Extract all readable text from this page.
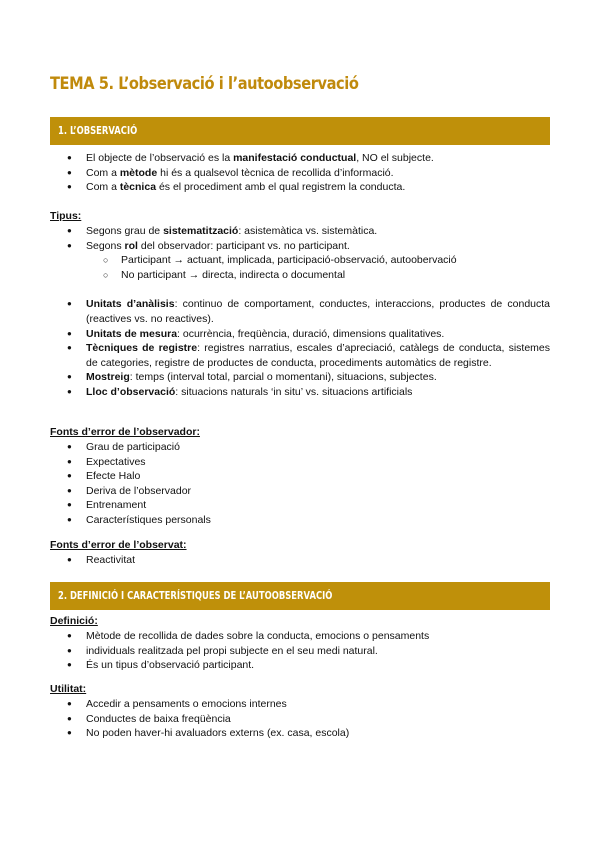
TEMA 5. L’observació i l’autoobservació
1. L’OBSERVACIÓ
● El objecte de l’observació es la manifestació conductual, NO el subjecte.
● Com a mètode hi és a qualsevol tècnica de recollida d’informació.
● Com a tècnica és el procediment amb el qual registrem la conducta.

Tipus:

● Segons grau de sistematització: asistemàtica vs. sistemàtica.
● Segons rol del observador: participant vs. no participant.
○ Participant → actuant, implicada, participació-observació, autoobervació
○ No participant → directa, indirecta o documental
● Unitats d’anàlisis: continuo de comportament, conductes, interaccions, productes de conducta (reactives vs. no reactives).
● Unitats de mesura: ocurrència, freqüència, duració, dimensions qualitatives.
● Tècniques de registre: registres narratius, escales d’apreciació, catàlegs de conducta, sistemes de categories, registre de productes de conducta, procediments automàtics de registre.
● Mostreig: temps (interval total, parcial o momentani), situacions, subjectes.
● Lloc d’observació: situacions naturals ‘in situ’ vs. situacions artificials

Fonts d’error de l’observador:

● Grau de participació
● Expectatives
● Efecte Halo
● Deriva de l’observador
● Entrenament
● Característiques personals

Fonts d’error de l’observat:

● Reactivitat
2. DEFINICIÓ I CARACTERÍSTIQUES DE L’AUTOOBSERVACIÓ

Definició:

● Mètode de recollida de dades sobre la conducta, emocions o pensaments
● individuals realitzada pel propi subjecte en el seu medi natural.
● És un tipus d’observació participant.

Utilitat:

● Accedir a pensaments o emocions internes
● Conductes de baixa freqüència
● No poden haver-hi avaluadors externs (ex. casa, escola)
